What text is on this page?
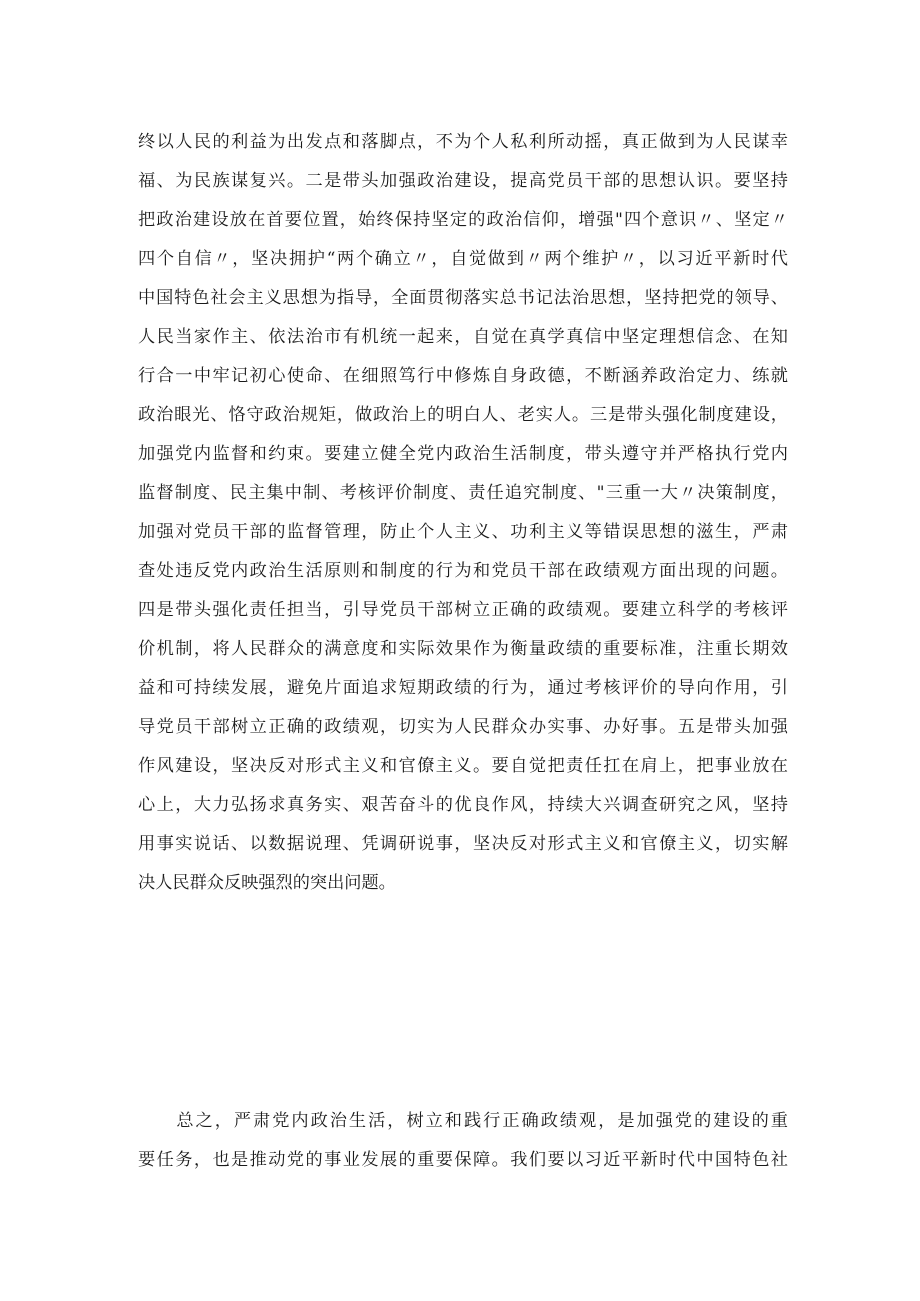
终以人民的利益为出发点和落脚点，不为个人私利所动摇，真正做到为人民谋幸
福、为民族谋复兴。二是带头加强政治建设，提高党员干部的思想认识。要坚持
把政治建设放在首要位置，始终保持坚定的政治信仰，增强"四个意识〃、坚定〃
四个自信〃，坚决拥护“两个确立〃，自觉做到〃两个维护〃，以习近平新时代
中国特色社会主义思想为指导，全面贯彻落实总书记法治思想，坚持把党的领导、
人民当家作主、依法治市有机统一起来，自觉在真学真信中坚定理想信念、在知
行合一中牢记初心使命、在细照笃行中修炼自身政德，不断涵养政治定力、练就
政治眼光、恪守政治规矩，做政治上的明白人、老实人。三是带头强化制度建设，
加强党内监督和约束。要建立健全党内政治生活制度，带头遵守并严格执行党内
监督制度、民主集中制、考核评价制度、责任追究制度、"三重一大〃决策制度，
加强对党员干部的监督管理，防止个人主义、功利主义等错误思想的滋生，严肃
查处违反党内政治生活原则和制度的行为和党员干部在政绩观方面出现的问题。
四是带头强化责任担当，引导党员干部树立正确的政绩观。要建立科学的考核评
价机制，将人民群众的满意度和实际效果作为衡量政绩的重要标准，注重长期效
益和可持续发展，避免片面追求短期政绩的行为，通过考核评价的导向作用，引
导党员干部树立正确的政绩观，切实为人民群众办实事、办好事。五是带头加强
作风建设，坚决反对形式主义和官僚主义。要自觉把责任扛在肩上，把事业放在
心上，大力弘扬求真务实、艰苦奋斗的优良作风，持续大兴调查研究之风，坚持
用事实说话、以数据说理、凭调研说事，坚决反对形式主义和官僚主义，切实解
决人民群众反映强烈的突出问题。
　　总之，严肃党内政治生活，树立和践行正确政绩观，是加强党的建设的重
要任务，也是推动党的事业发展的重要保障。我们要以习近平新时代中国特色社
